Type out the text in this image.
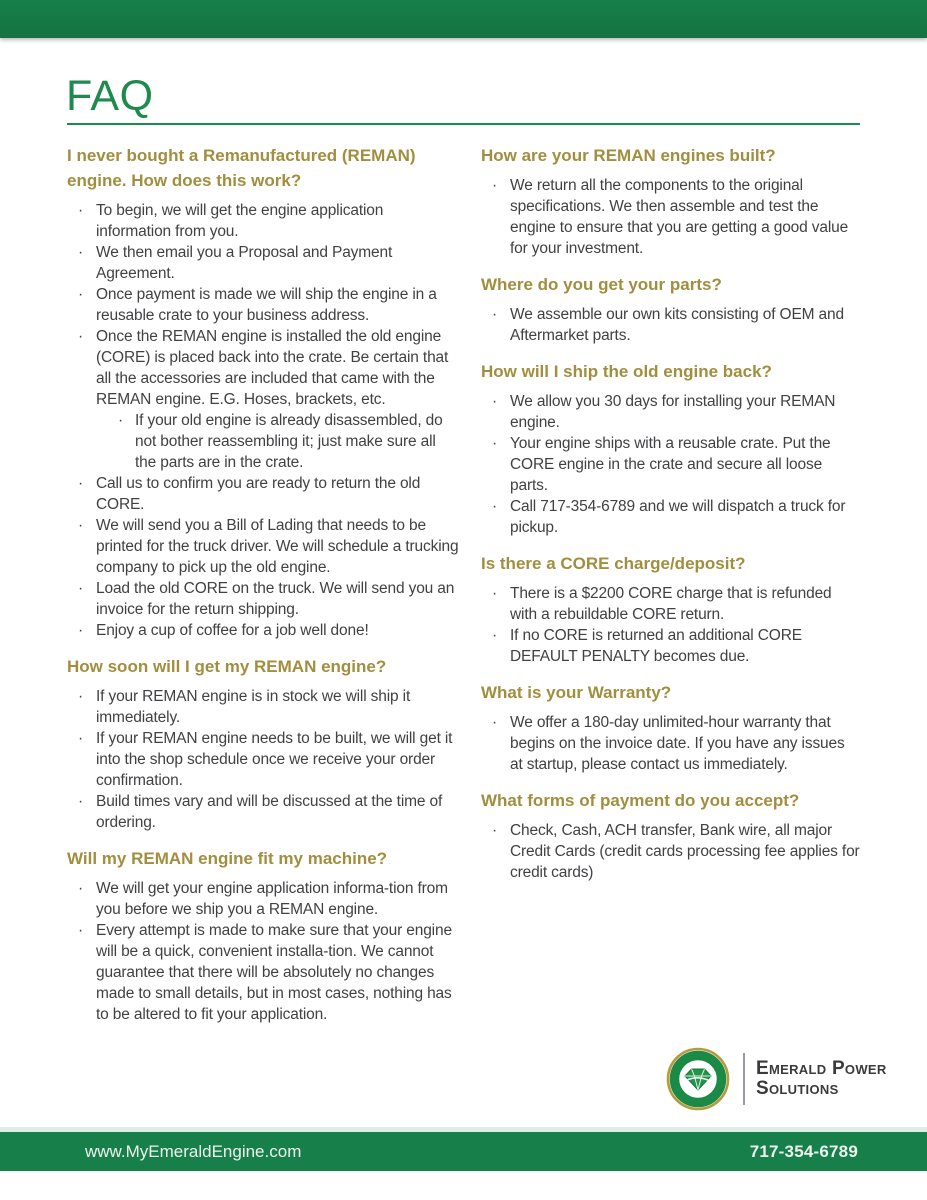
FAQ
I never bought a Remanufactured (REMAN) engine. How does this work?
· To begin, we will get the engine application information from you.
· We then email you a Proposal and Payment Agreement.
· Once payment is made we will ship the engine in a reusable crate to your business address.
· Once the REMAN engine is installed the old engine (CORE) is placed back into the crate. Be certain that all the accessories are included that came with the REMAN engine. E.G. Hoses, brackets, etc.
· If your old engine is already disassembled, do not bother reassembling it; just make sure all the parts are in the crate.
· Call us to confirm you are ready to return the old CORE.
· We will send you a Bill of Lading that needs to be printed for the truck driver. We will schedule a trucking company to pick up the old engine.
· Load the old CORE on the truck. We will send you an invoice for the return shipping.
· Enjoy a cup of coffee for a job well done!
How soon will I get my REMAN engine?
· If your REMAN engine is in stock we will ship it immediately.
· If your REMAN engine needs to be built, we will get it into the shop schedule once we receive your order confirmation.
· Build times vary and will be discussed at the time of ordering.
Will my REMAN engine fit my machine?
· We will get your engine application informa-tion from you before we ship you a REMAN engine.
· Every attempt is made to make sure that your engine will be a quick, convenient installa-tion. We cannot guarantee that there will be absolutely no changes made to small details, but in most cases, nothing has to be altered to fit your application.
How are your REMAN engines built?
· We return all the components to the original specifications. We then assemble and test the engine to ensure that you are getting a good value for your investment.
Where do you get your parts?
· We assemble our own kits consisting of OEM and Aftermarket parts.
How will I ship the old engine back?
· We allow you 30 days for installing your REMAN engine.
· Your engine ships with a reusable crate. Put the CORE engine in the crate and secure all loose parts.
· Call 717-354-6789 and we will dispatch a truck for pickup.
Is there a CORE charge/deposit?
· There is a $2200 CORE charge that is refunded with a rebuildable CORE return.
· If no CORE is returned an additional CORE DEFAULT PENALTY becomes due.
What is your Warranty?
· We offer a 180-day unlimited-hour warranty that begins on the invoice date. If you have any issues at startup, please contact us immediately.
What forms of payment do you accept?
· Check, Cash, ACH transfer, Bank wire, all major Credit Cards (credit cards processing fee applies for credit cards)
Emerald Power
Solutions
www.MyEmeraldEngine.com	717-354-6789
